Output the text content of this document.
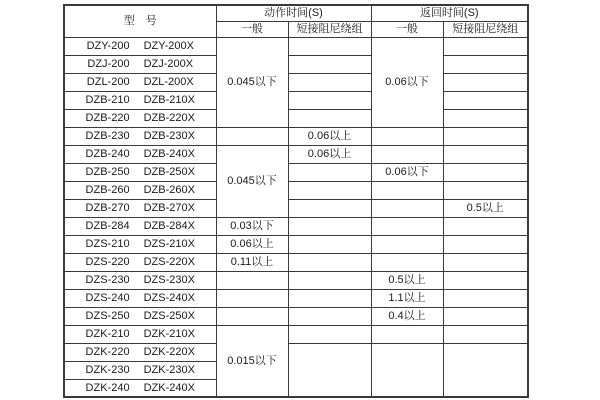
型　号	动作时间(S)		返回时间(S)	
	一般	短接阻尼绕组	一般	短接阻尼绕组
DZY-200 DZY-200X	0.045以下		0.06以下	
DZJ-200 DZJ-200X				
DZL-200 DZL-200X				
DZB-210 DZB-210X				
DZB-220 DZB-220X				
DZB-230 DZB-230X		0.06以上		
DZB-240 DZB-240X	0.045以下	0.06以上		
DZB-250 DZB-250X			0.06以下	
DZB-260 DZB-260X				
DZB-270 DZB-270X				0.5以上
DZB-284 DZB-284X	0.03以下			
DZS-210 DZS-210X	0.06以上			
DZS-220 DZS-220X	0.11以上			
DZS-230 DZS-230X			0.5以上	
DZS-240 DZS-240X			1.1以上	
DZS-250 DZS-250X			0.4以上	
DZK-210 DZK-210X	0.015以下			
DZK-220 DZK-220X				
DZK-230 DZK-230X				
DZK-240 DZK-240X				
